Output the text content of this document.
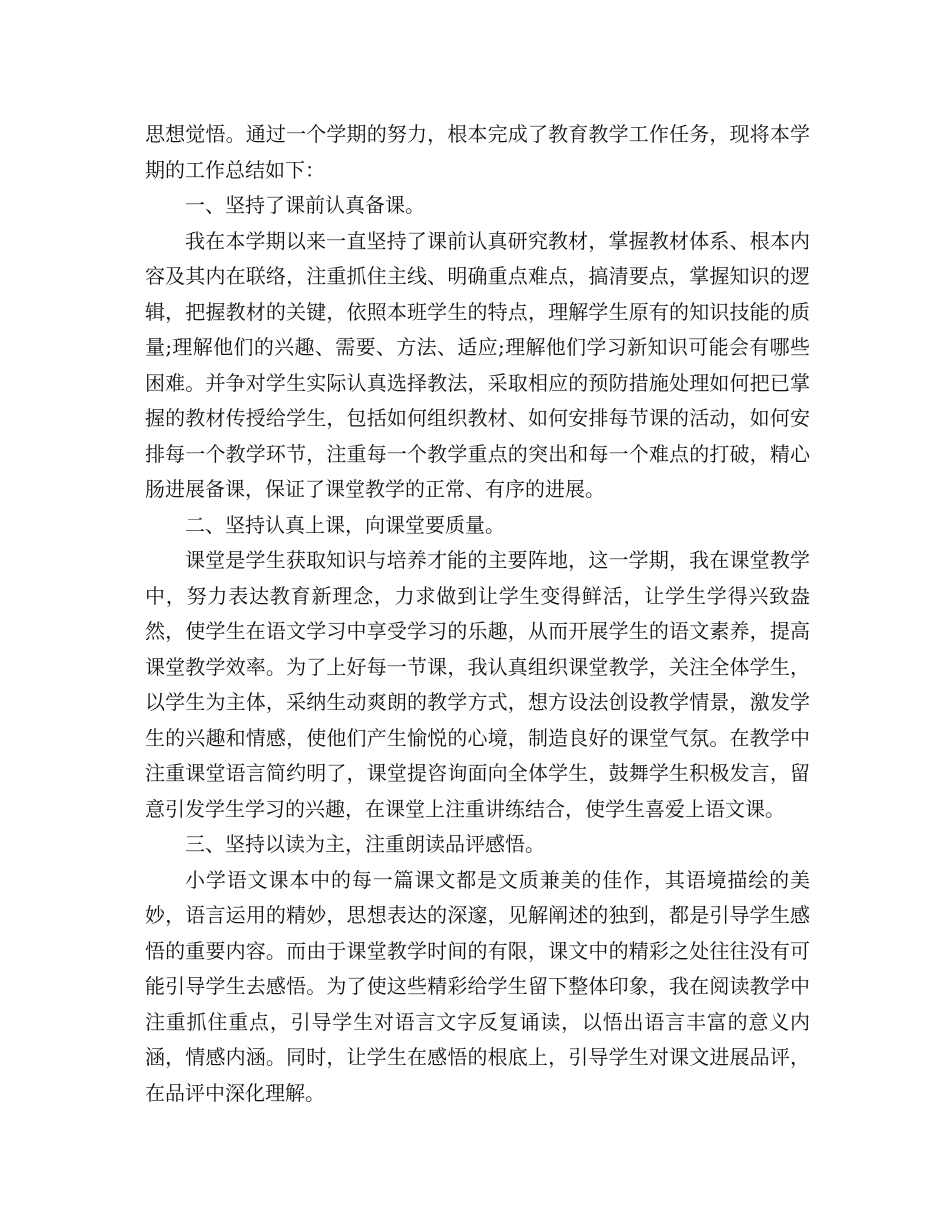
思想觉悟。通过一个学期的努力，根本完成了教育教学工作任务，现将本学期的工作总结如下：

一、坚持了课前认真备课。

我在本学期以来一直坚持了课前认真研究教材，掌握教材体系、根本内容及其内在联络，注重抓住主线、明确重点难点，搞清要点，掌握知识的逻辑，把握教材的关键，依照本班学生的特点，理解学生原有的知识技能的质量;理解他们的兴趣、需要、方法、适应;理解他们学习新知识可能会有哪些困难。并争对学生实际认真选择教法，采取相应的预防措施处理如何把已掌握的教材传授给学生，包括如何组织教材、如何安排每节课的活动，如何安排每一个教学环节，注重每一个教学重点的突出和每一个难点的打破，精心肠进展备课，保证了课堂教学的正常、有序的进展。

二、坚持认真上课，向课堂要质量。

课堂是学生获取知识与培养才能的主要阵地，这一学期，我在课堂教学中，努力表达教育新理念，力求做到让学生变得鲜活，让学生学得兴致盎然，使学生在语文学习中享受学习的乐趣，从而开展学生的语文素养，提高课堂教学效率。为了上好每一节课，我认真组织课堂教学，关注全体学生，以学生为主体，采纳生动爽朗的教学方式，想方设法创设教学情景，激发学生的兴趣和情感，使他们产生愉悦的心境，制造良好的课堂气氛。在教学中注重课堂语言简约明了，课堂提咨询面向全体学生，鼓舞学生积极发言，留意引发学生学习的兴趣，在课堂上注重讲练结合，使学生喜爱上语文课。

三、坚持以读为主，注重朗读品评感悟。

小学语文课本中的每一篇课文都是文质兼美的佳作，其语境描绘的美妙，语言运用的精妙，思想表达的深邃，见解阐述的独到，都是引导学生感悟的重要内容。而由于课堂教学时间的有限，课文中的精彩之处往往没有可能引导学生去感悟。为了使这些精彩给学生留下整体印象，我在阅读教学中注重抓住重点，引导学生对语言文字反复诵读，以悟出语言丰富的意义内涵，情感内涵。同时，让学生在感悟的根底上，引导学生对课文进展品评，在品评中深化理解。
